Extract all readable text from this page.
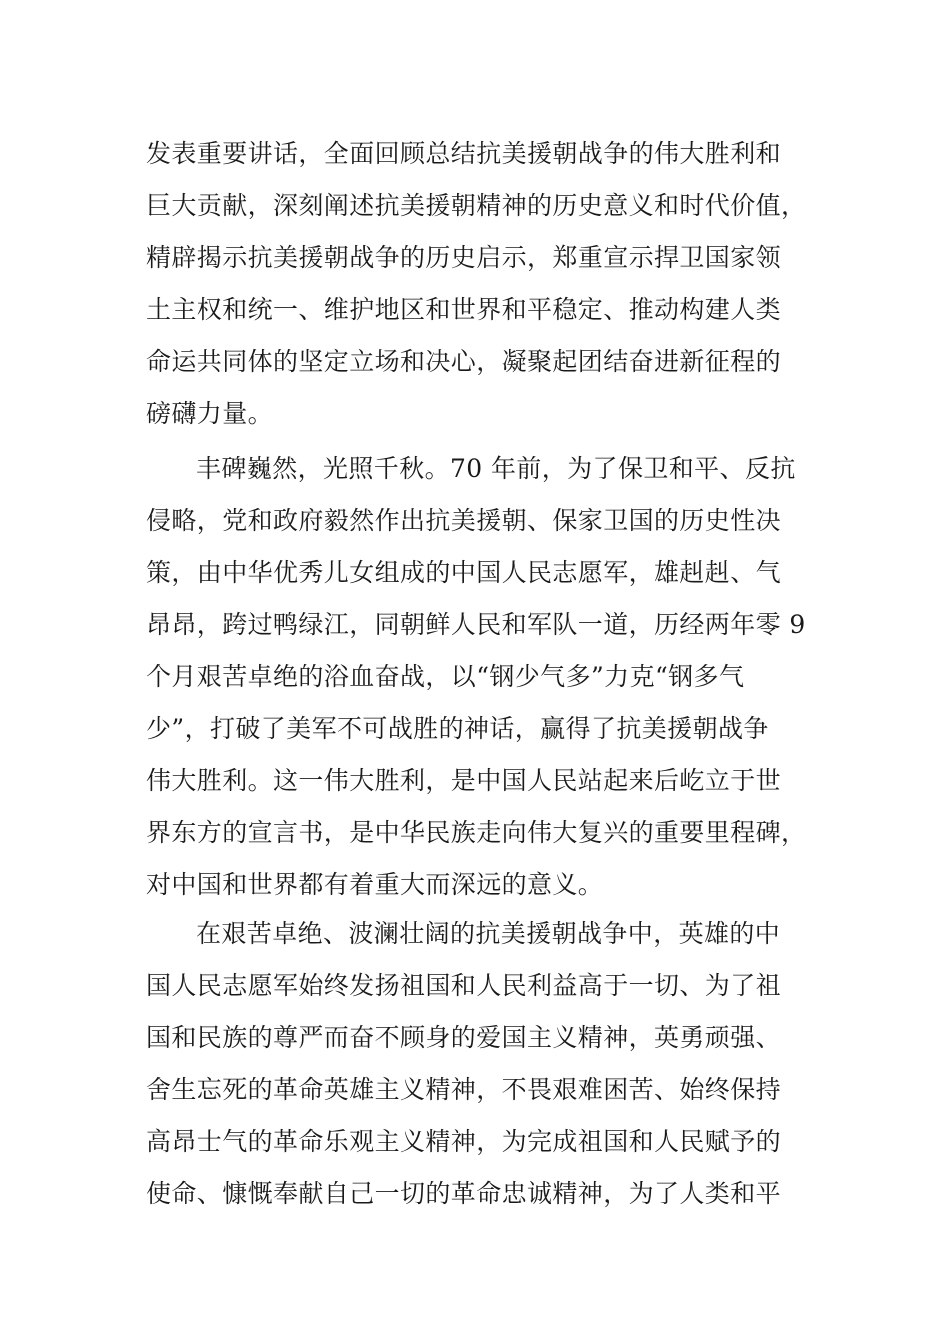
发表重要讲话，全面回顾总结抗美援朝战争的伟大胜利和
巨大贡献，深刻阐述抗美援朝精神的历史意义和时代价值，
精辟揭示抗美援朝战争的历史启示，郑重宣示捍卫国家领
土主权和统一、维护地区和世界和平稳定、推动构建人类
命运共同体的坚定立场和决心，凝聚起团结奋进新征程的
磅礴力量。

丰碑巍然，光照千秋。70 年前，为了保卫和平、反抗
侵略，党和政府毅然作出抗美援朝、保家卫国的历史性决
策，由中华优秀儿女组成的中国人民志愿军，雄赳赳、气
昂昂，跨过鸭绿江，同朝鲜人民和军队一道，历经两年零 9
个月艰苦卓绝的浴血奋战，以“钢少气多”力克“钢多气
少”，打破了美军不可战胜的神话，赢得了抗美援朝战争
伟大胜利。这一伟大胜利，是中国人民站起来后屹立于世
界东方的宣言书，是中华民族走向伟大复兴的重要里程碑，
对中国和世界都有着重大而深远的意义。

在艰苦卓绝、波澜壮阔的抗美援朝战争中，英雄的中
国人民志愿军始终发扬祖国和人民利益高于一切、为了祖
国和民族的尊严而奋不顾身的爱国主义精神，英勇顽强、
舍生忘死的革命英雄主义精神，不畏艰难困苦、始终保持
高昂士气的革命乐观主义精神，为完成祖国和人民赋予的
使命、慷慨奉献自己一切的革命忠诚精神，为了人类和平
